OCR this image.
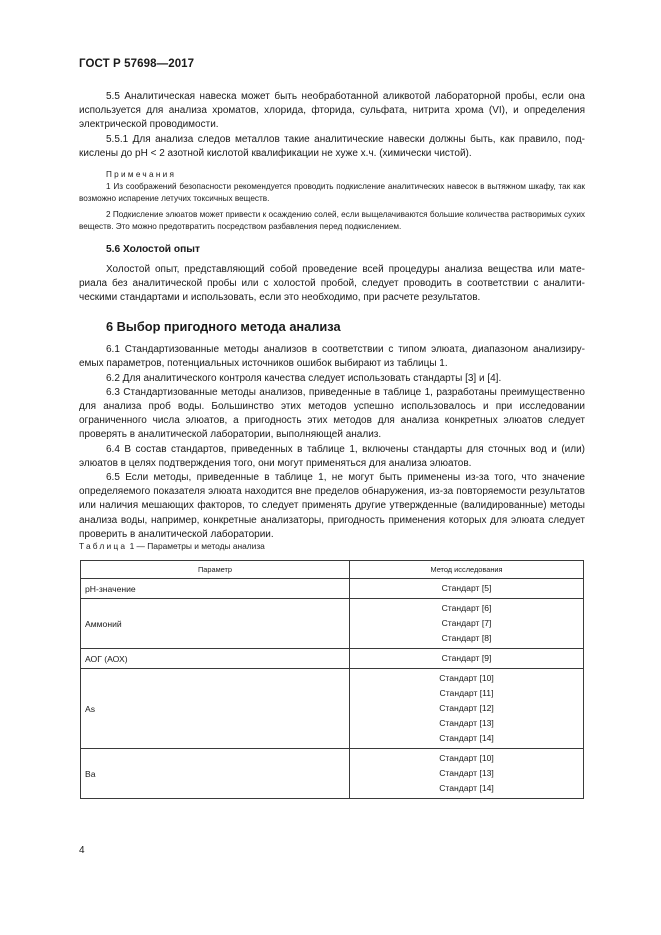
ГОСТ Р 57698—2017

5.5 Аналитическая навеска может быть необработанной аликвотой лабораторной пробы, если она используется для анализа хроматов, хлорида, фторида, сульфата, нитрита хрома (VI), и определения электрической проводимости.

5.5.1 Для анализа следов металлов такие аналитические навески должны быть, как правило, подкислены до pH < 2 азотной кислотой квалификации не хуже х.ч. (химически чистой).

Примечания

1 Из соображений безопасности рекомендуется проводить подкисление аналитических навесок в вытяжном шкафу, так как возможно испарение летучих токсичных веществ.

2 Подкисление элюатов может привести к осаждению солей, если выщелачиваются большие количества растворимых сухих веществ. Это можно предотвратить посредством разбавления перед подкислением.

5.6 Холостой опыт

Холостой опыт, представляющий собой проведение всей процедуры анализа вещества или материала без аналитической пробы или с холостой пробой, следует проводить в соответствии с аналитическими стандартами и использовать, если это необходимо, при расчете результатов.

6 Выбор пригодного метода анализа

6.1 Стандартизованные методы анализов в соответствии с типом элюата, диапазоном анализируемых параметров, потенциальных источников ошибок выбирают из таблицы 1.

6.2 Для аналитического контроля качества следует использовать стандарты [3] и [4].

6.3 Стандартизованные методы анализов, приведенные в таблице 1, разработаны преимущественно для анализа проб воды. Большинство этих методов успешно использовалось и при исследовании ограниченного числа элюатов, а пригодность этих методов для анализа конкретных элюатов следует проверять в аналитической лаборатории, выполняющей анализ.

6.4 В состав стандартов, приведенных в таблице 1, включены стандарты для сточных вод и (или) элюатов в целях подтверждения того, они могут применяться для анализа элюатов.

6.5 Если методы, приведенные в таблице 1, не могут быть применены из-за того, что значение определяемого показателя элюата находится вне пределов обнаружения, из-за повторяемости результатов или наличия мешающих факторов, то следует применять другие утвержденные (валидированные) методы анализа воды, например, конкретные анализаторы, пригодность применения которых для элюата следует проверить в аналитической лаборатории.

Таблица 1 — Параметры и методы анализа
Параметр	Метод исследования
pH-значение	Стандарт [5]

Аммоний	Стандарт [6]
Стандарт [7]
Стандарт [8]

АОГ (АОХ)	Стандарт [9]

As	Стандарт [10]
Стандарт [11]
Стандарт [12]
Стандарт [13]
Стандарт [14]

Ba	Стандарт [10]
Стандарт [13]
Стандарт [14]
4
